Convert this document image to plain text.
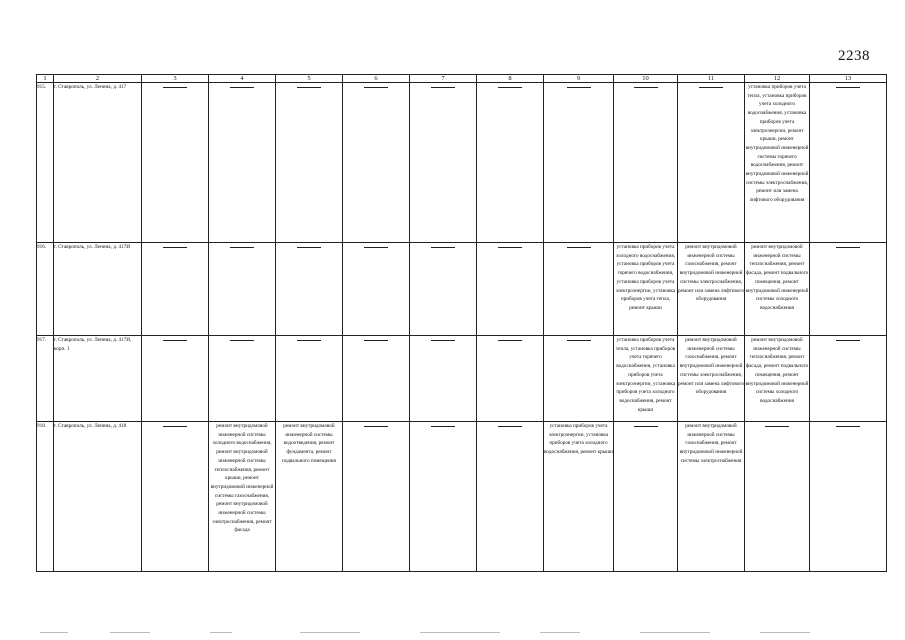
2238
1	2	3	4	5	6	7	8	9	10	11	12	13	
915.	г. Ставрополь, ул. Ленина, д. 417										установка приборов учета тепла, установка приборов учета холодного водоснабжения, установка приборов учета электроэнергии, ремонт крыши, ремонт внутридомовой инженерной системы горячего водоснабжения, ремонт внутридомовой инженерной системы электроснабжения, ремонт или замена лифтового оборудования		
916.	г. Ставрополь, ул. Ленина, д. 417И								установка приборов учета холодного водоснабжения, установка приборов учета горячего водоснабжения, установка приборов учета электроэнергии, установка приборов учета тепла, ремонт крыши	ремонт внутридомовой инженерной системы газоснабжения, ремонт внутридомовой инженерной системы электроснабжения, ремонт или замена лифтового оборудования	ремонт внутридомовой инженерной системы теплоснабжения, ремонт фасада, ремонт подвального помещения, ремонт внутридомовой инженерной системы холодного водоснабжения		
917.	г. Ставрополь, ул. Ленина, д. 417И, корп. 1								установка приборов учета тепла, установка приборов учета горячего водоснабжения, установка приборов учета электроэнергии, установка приборов учета холодного водоснабжения, ремонт крыши	ремонт внутридомовой инженерной системы газоснабжения, ремонт внутридомовой инженерной системы электроснабжения, ремонт или замена лифтового оборудования	ремонт внутридомовой инженерной системы теплоснабжения, ремонт фасада, ремонт подвального помещения, ремонт внутридомовой инженерной системы холодного водоснабжения		
918.	г. Ставрополь, ул. Ленина, д. 418		ремонт внутридомовой инженерной системы холодного водоснабжения, ремонт внутридомовой инженерной системы теплоснабжения, ремонт крыши, ремонт внутридомовой инженерной системы газоснабжения, ремонт внутридомовой инженерной системы электроснабжения, ремонт фасада	ремонт внутридомовой инженерной системы водоотведения, ремонт фундамента, ремонт подвального помещения				установка приборов учета электроэнергии, установка приборов учета холодного водоснабжения, ремонт крыши		ремонт внутридомовой инженерной системы газоснабжения, ремонт внутридомовой инженерной системы электроснабжения			
